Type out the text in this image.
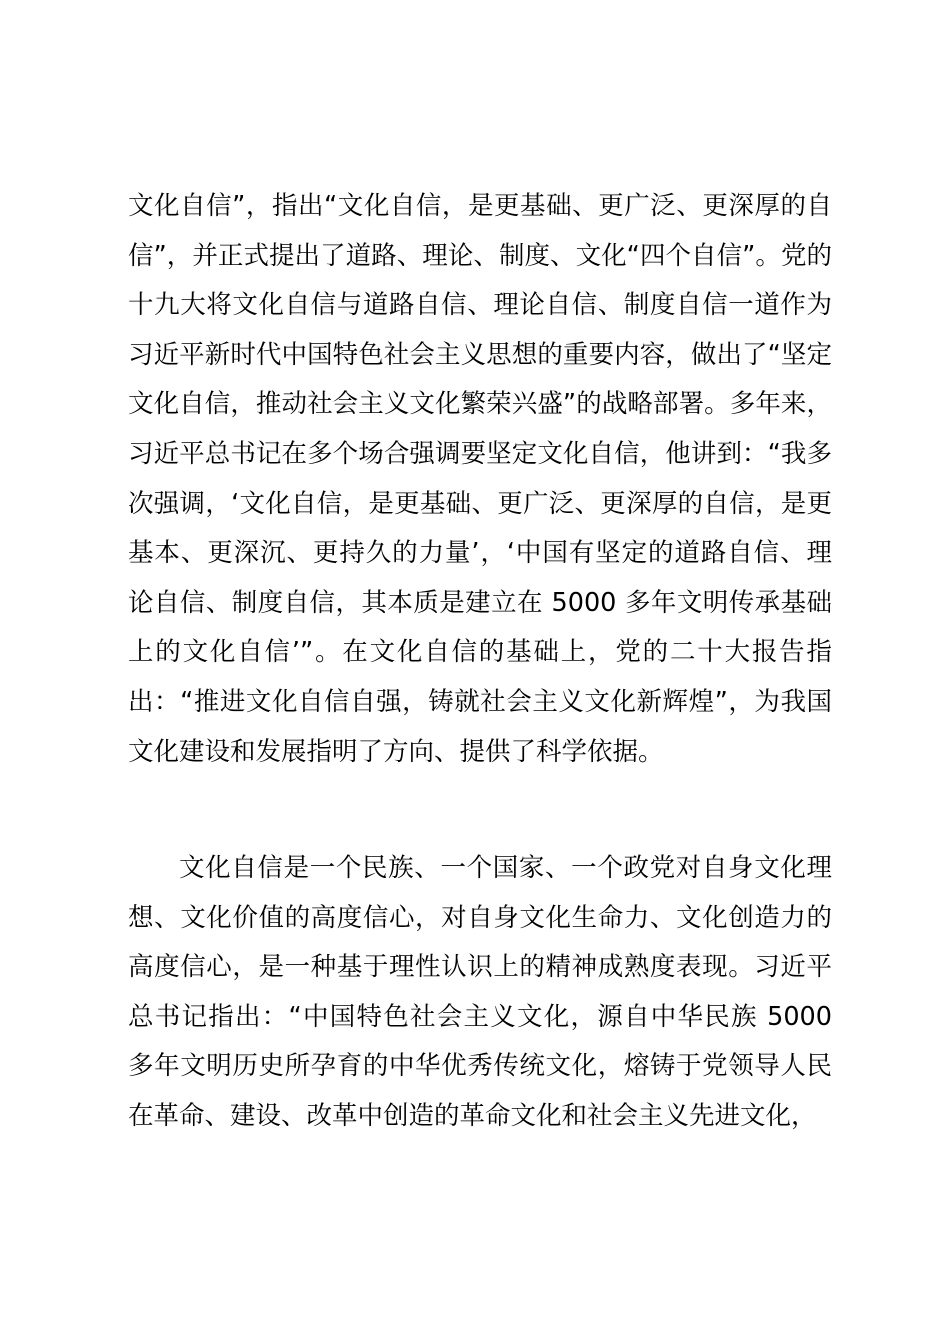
文化自信”，指出“文化自信，是更基础、更广泛、更深厚的自信”，并正式提出了道路、理论、制度、文化“四个自信”。党的十九大将文化自信与道路自信、理论自信、制度自信一道作为习近平新时代中国特色社会主义思想的重要内容，做出了“坚定文化自信，推动社会主义文化繁荣兴盛”的战略部署。多年来，习近平总书记在多个场合强调要坚定文化自信，他讲到：“我多次强调，‘文化自信，是更基础、更广泛、更深厚的自信，是更基本、更深沉、更持久的力量’，‘中国有坚定的道路自信、理论自信、制度自信，其本质是建立在 5000 多年文明传承基础上的文化自信’”。在文化自信的基础上，党的二十大报告指出：“推进文化自信自强，铸就社会主义文化新辉煌”，为我国文化建设和发展指明了方向、提供了科学依据。

文化自信是一个民族、一个国家、一个政党对自身文化理想、文化价值的高度信心，对自身文化生命力、文化创造力的高度信心，是一种基于理性认识上的精神成熟度表现。习近平总书记指出：“中国特色社会主义文化，源自中华民族 5000 多年文明历史所孕育的中华优秀传统文化，熔铸于党领导人民在革命、建设、改革中创造的革命文化和社会主义先进文化，
